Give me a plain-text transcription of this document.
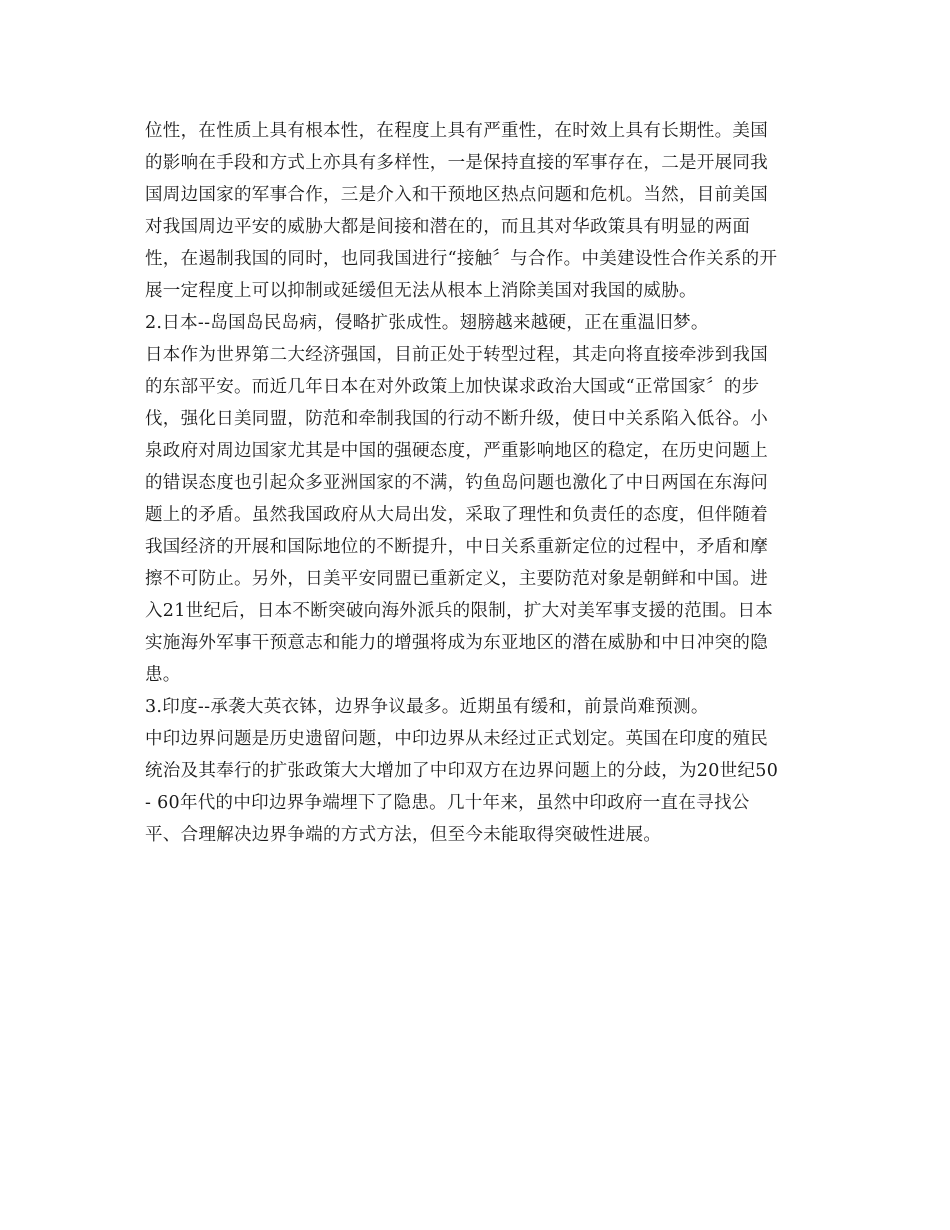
位性，在性质上具有根本性，在程度上具有严重性，在时效上具有长期性。美国
的影响在手段和方式上亦具有多样性，一是保持直接的军事存在，二是开展同我
国周边国家的军事合作，三是介入和干预地区热点问题和危机。当然，目前美国
对我国周边平安的威胁大都是间接和潜在的，而且其对华政策具有明显的两面
性，在遏制我国的同时，也同我国进行“接触〞与合作。中美建设性合作关系的开
展一定程度上可以抑制或延缓但无法从根本上消除美国对我国的威胁。
2.日本--岛国岛民岛病，侵略扩张成性。翅膀越来越硬，正在重温旧梦。
日本作为世界第二大经济强国，目前正处于转型过程，其走向将直接牵涉到我国
的东部平安。而近几年日本在对外政策上加快谋求政治大国或“正常国家〞的步
伐，强化日美同盟，防范和牵制我国的行动不断升级，使日中关系陷入低谷。小
泉政府对周边国家尤其是中国的强硬态度，严重影响地区的稳定，在历史问题上
的错误态度也引起众多亚洲国家的不满，钓鱼岛问题也激化了中日两国在东海问
题上的矛盾。虽然我国政府从大局出发，采取了理性和负责任的态度，但伴随着
我国经济的开展和国际地位的不断提升，中日关系重新定位的过程中，矛盾和摩
擦不可防止。另外，日美平安同盟已重新定义，主要防范对象是朝鲜和中国。进
入21世纪后，日本不断突破向海外派兵的限制，扩大对美军事支援的范围。日本
实施海外军事干预意志和能力的增强将成为东亚地区的潜在威胁和中日冲突的隐
患。
3.印度--承袭大英衣钵，边界争议最多。近期虽有缓和，前景尚难预测。
中印边界问题是历史遗留问题，中印边界从未经过正式划定。英国在印度的殖民
统治及其奉行的扩张政策大大增加了中印双方在边界问题上的分歧，为20世纪50
- 60年代的中印边界争端埋下了隐患。几十年来，虽然中印政府一直在寻找公
平、合理解决边界争端的方式方法，但至今未能取得突破性进展。
